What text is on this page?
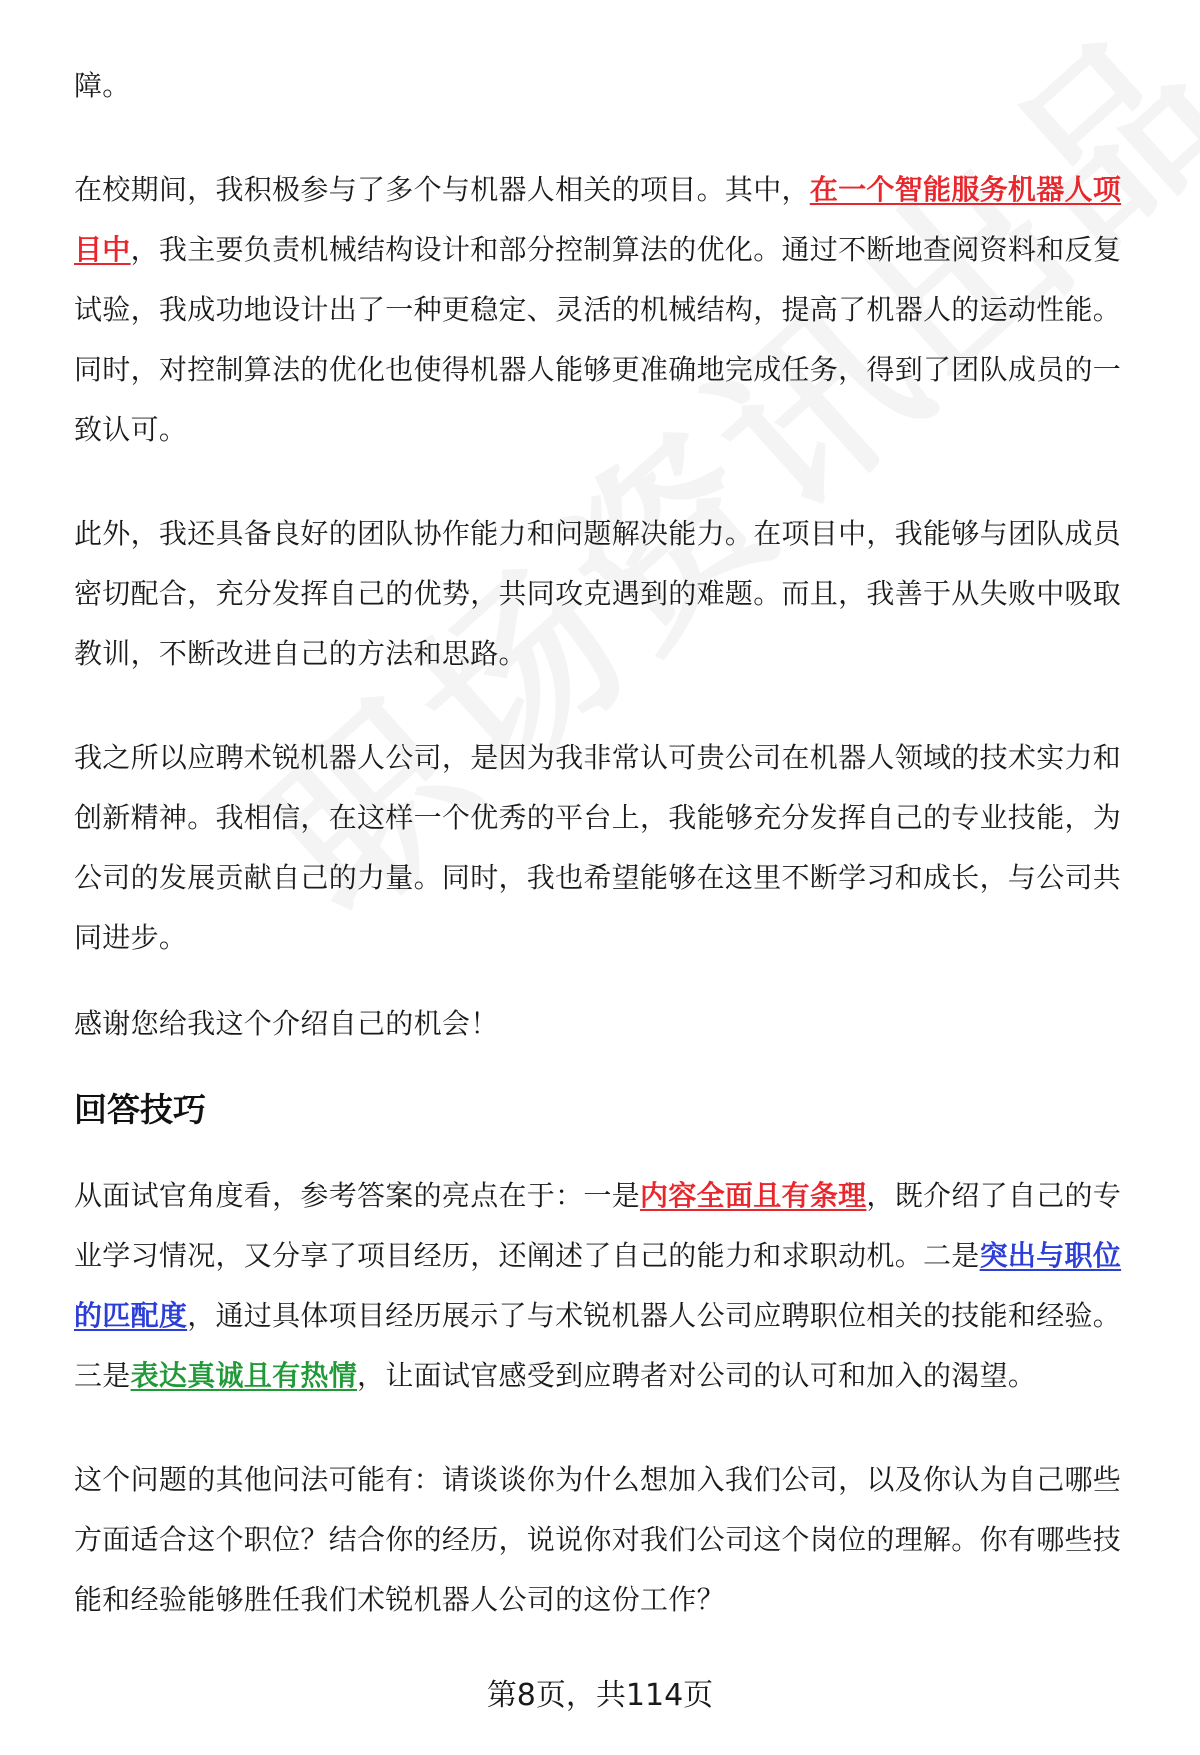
障。

在校期间，我积极参与了多个与机器人相关的项目。其中，在一个智能服务机器人项目中，我主要负责机械结构设计和部分控制算法的优化。通过不断地查阅资料和反复试验，我成功地设计出了一种更稳定、灵活的机械结构，提高了机器人的运动性能。同时，对控制算法的优化也使得机器人能够更准确地完成任务，得到了团队成员的一致认可。

此外，我还具备良好的团队协作能力和问题解决能力。在项目中，我能够与团队成员密切配合，充分发挥自己的优势，共同攻克遇到的难题。而且，我善于从失败中吸取教训，不断改进自己的方法和思路。

我之所以应聘术锐机器人公司，是因为我非常认可贵公司在机器人领域的技术实力和创新精神。我相信，在这样一个优秀的平台上，我能够充分发挥自己的专业技能，为公司的发展贡献自己的力量。同时，我也希望能够在这里不断学习和成长，与公司共同进步。

感谢您给我这个介绍自己的机会！

回答技巧

从面试官角度看，参考答案的亮点在于：一是内容全面且有条理，既介绍了自己的专业学习情况，又分享了项目经历，还阐述了自己的能力和求职动机。二是突出与职位的匹配度，通过具体项目经历展示了与术锐机器人公司应聘职位相关的技能和经验。三是表达真诚且有热情，让面试官感受到应聘者对公司的认可和加入的渴望。

这个问题的其他问法可能有：请谈谈你为什么想加入我们公司，以及你认为自己哪些方面适合这个职位？结合你的经历，说说你对我们公司这个岗位的理解。你有哪些技能和经验能够胜任我们术锐机器人公司的这份工作？

第8页，共114页
